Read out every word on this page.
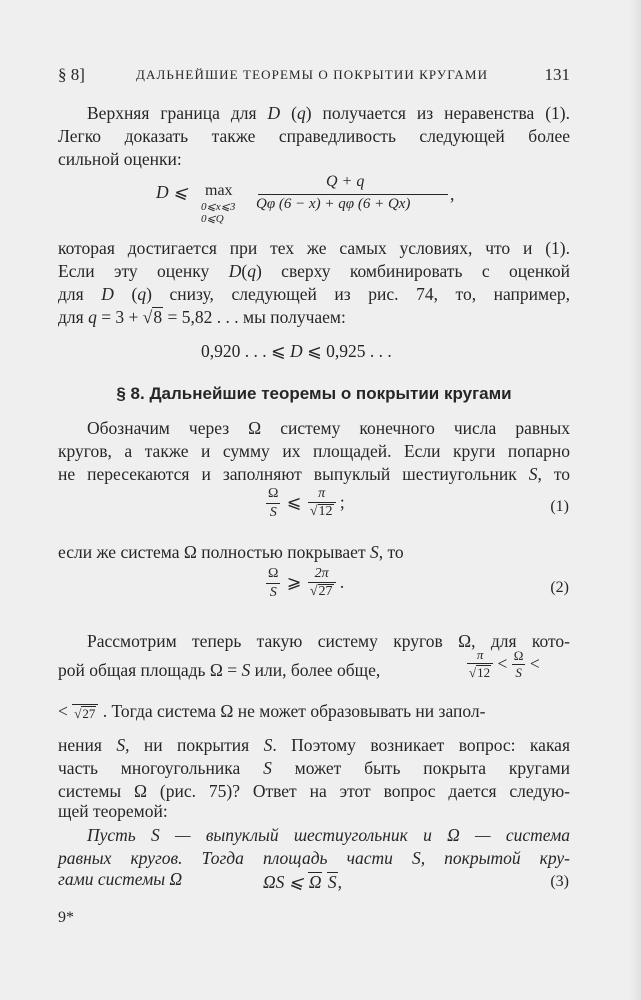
§ 8]	ДАЛЬНЕЙШИЕ ТЕОРЕМЫ О ПОКРЫТИИ КРУГАМИ	131
Верхняя граница для D (q) получается из неравенства (1).
Легко доказать также справедливость следующей более
сильной оценки:
D ⩽ max
0⩽x⩽3
0⩽Q
Q + q
Qφ (6 − x) + qφ (6 + Qx) ,
которая достигается при тех же самых условиях, что и (1).
Если эту оценку D(q) сверху комбинировать с оценкой
для D (q) снизу, следующей из рис. 74, то, например,
для q = 3 + √8 = 5,82 . . . мы получаем:
0,920 . . . ⩽ D ⩽ 0,925 . . .
§ 8. Дальнейшие теоремы о покрытии кругами
Обозначим через Ω систему конечного числа равных
кругов, а также и сумму их площадей. Если круги попарно
не пересекаются и заполняют выпуклый шестиугольник S, то
$\frac{\Omega}{S}$ ⩽ $\frac{\pi}{√12}$ ;	(1)
если же система Ω полностью покрывает S, то
$\frac{\Omega}{S}$ ⩾ $\frac{2\pi}{√27}$ .	(2)
Рассмотрим теперь такую систему кругов Ω, для кото-
рой общая площадь Ω = S или, более обще,	$\frac{\pi}{√12} < \frac{\Omega}{S}$ <
< √27 . Тогда система Ω не может образовывать ни запол-
нения S, ни покрытия S. Поэтому возникает вопрос: какая
часть многоугольника S может быть покрыта кругами
системы Ω (рис. 75)? Ответ на этот вопрос дается следую-
щей теоремой:
Пусть S — выпуклый шестиугольник и Ω — система
равных кругов. Тогда площадь части S, покрытой кру-
гами системы Ω	ΩS ⩽ Ω S,	(3)
9*
